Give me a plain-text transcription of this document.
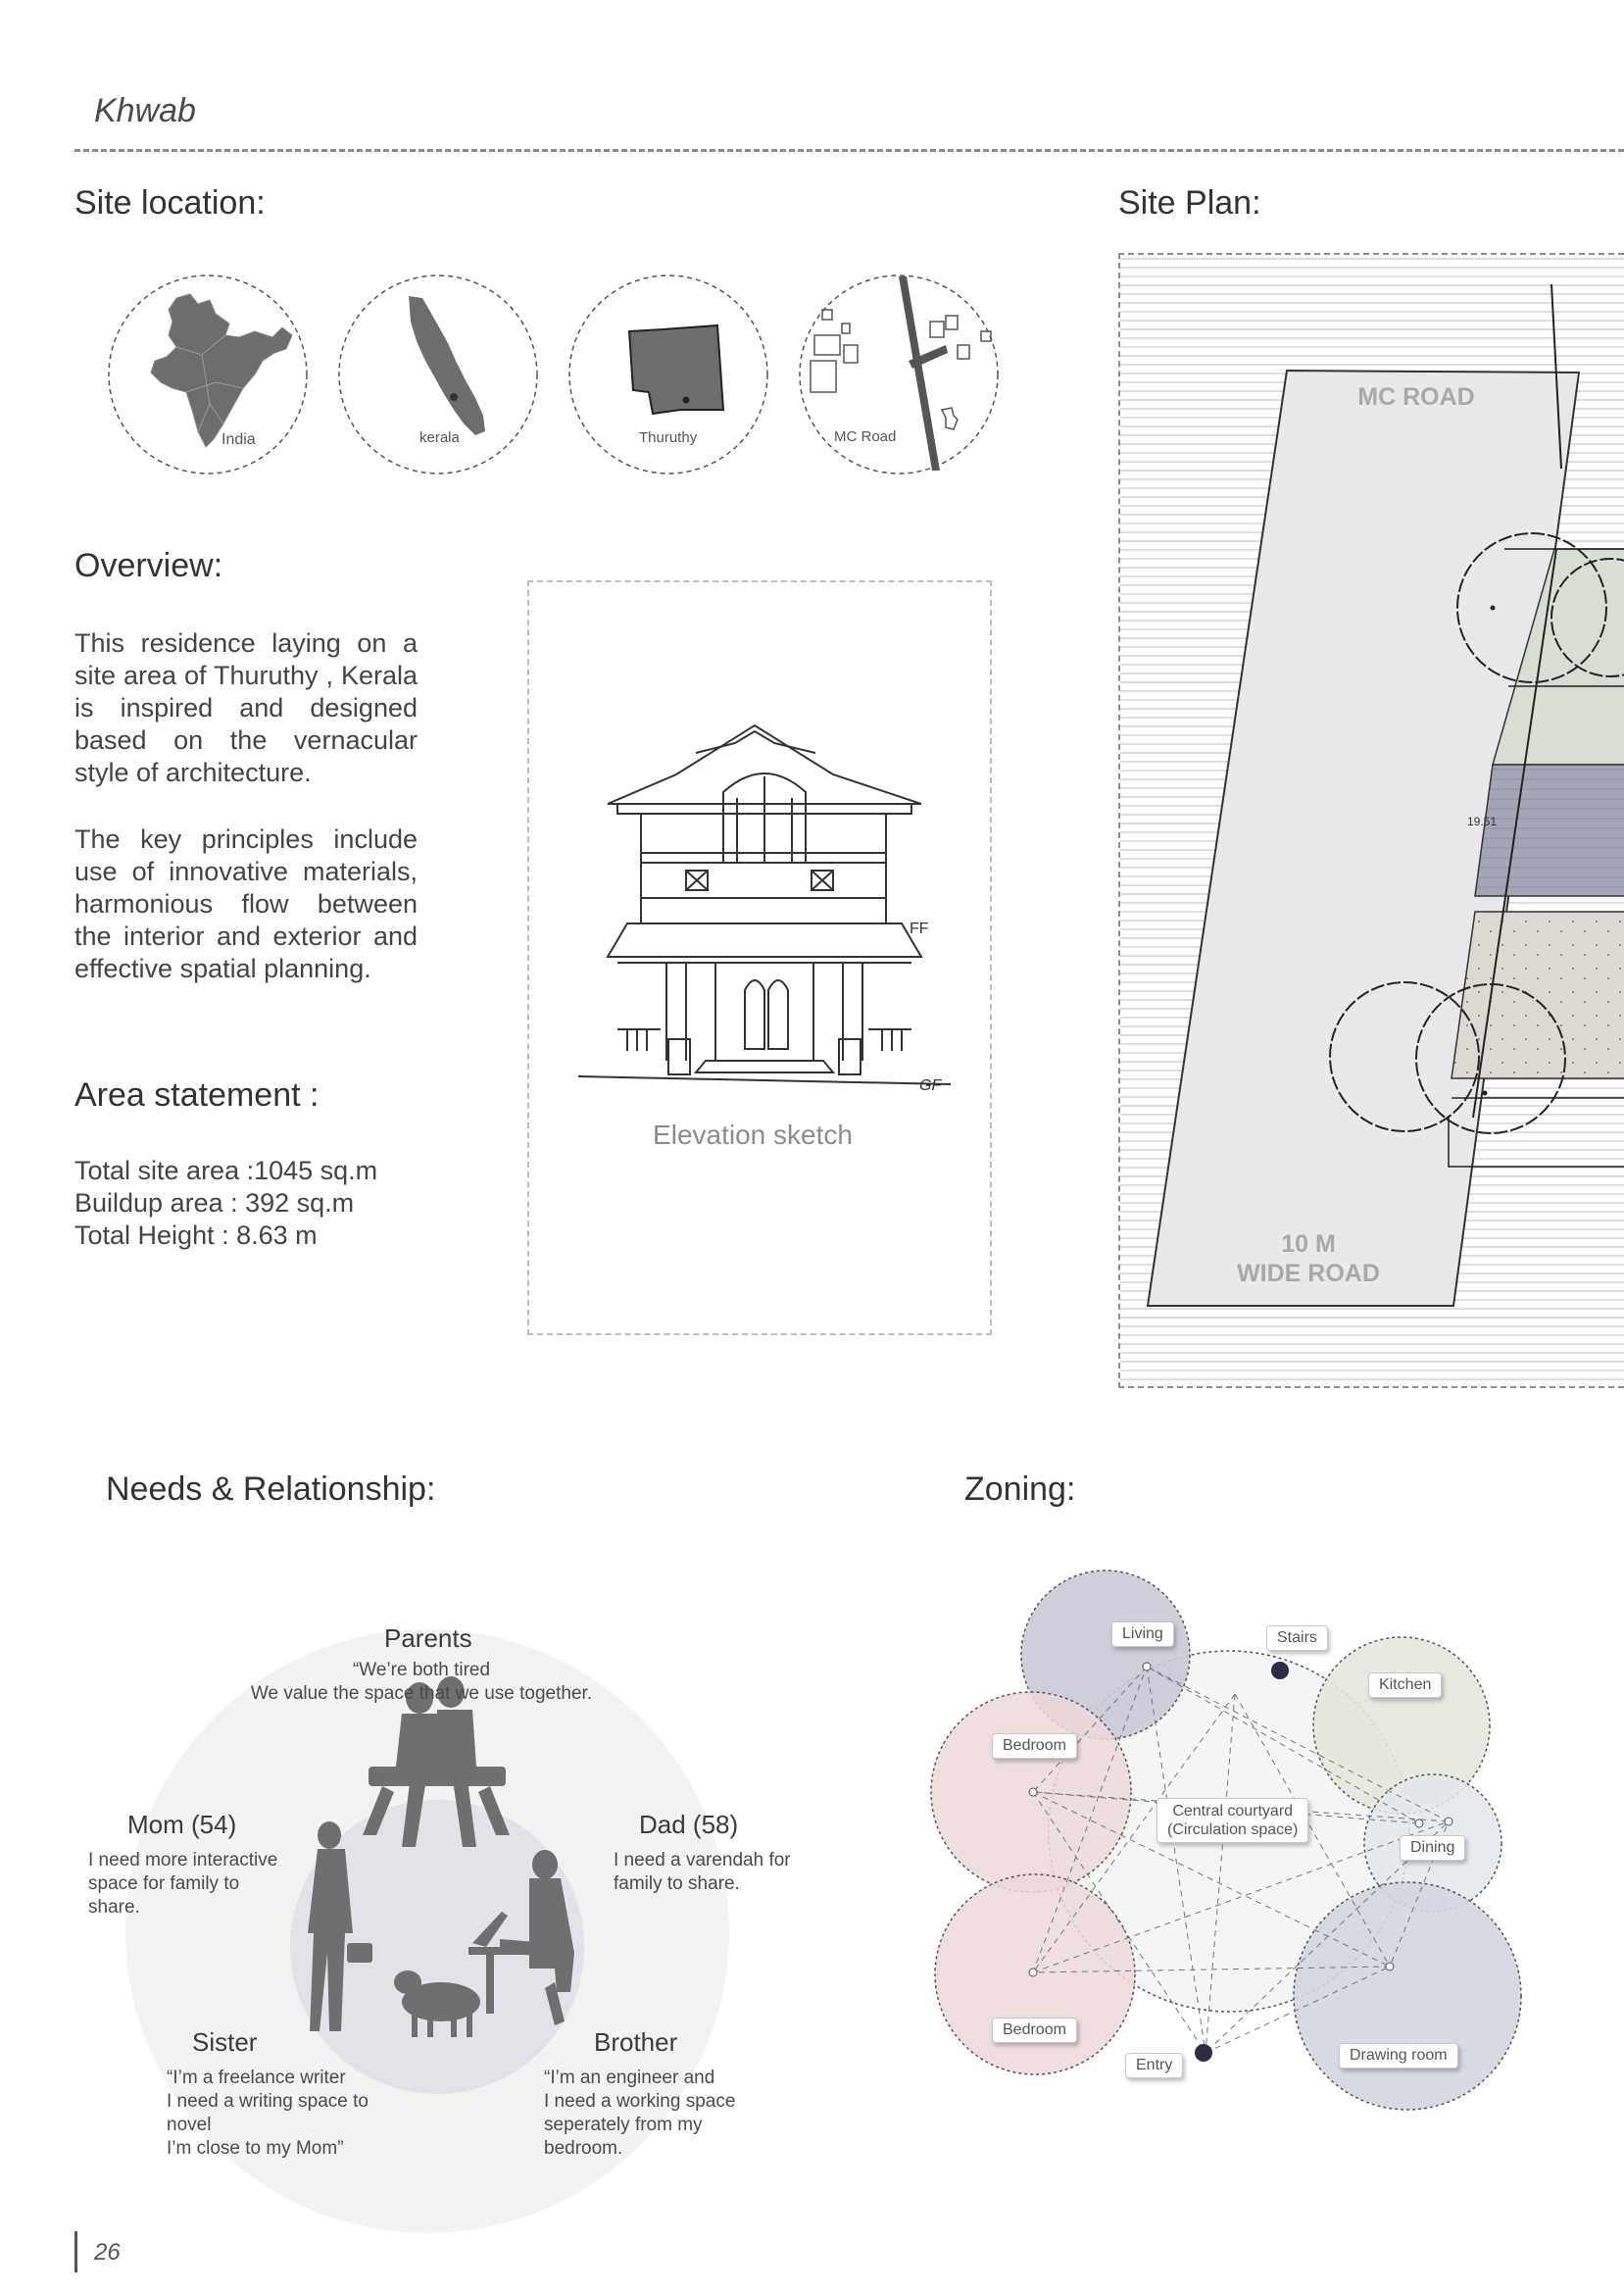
Khwab
Site location:
India	kerala	Thuruthy	MC Road
Overview:
This residence laying on a site area of Thuruthy , Kerala is inspired and designed based on the vernacular style of architecture.
The key principles include use of innovative materials, harmonious flow between the interior and exterior and effective spatial planning.
Area statement :
Total site area :1045 sq.m
Buildup area : 392 sq.m
Total Height : 8.63 m
FF
GF
Elevation sketch
Site Plan:
19.51
MC ROAD
10 M
WIDE ROAD
Needs & Relationship:
Parents
“We’re both tired
We value the space that we use together.
Mom (54)
I need more interactive space for family to share.
Dad (58)
I need a varendah for family to share.
Sister
“I’m a freelance writer
I need a writing space to
novel
I’m close to my Mom”
Brother
“I’m an engineer and
I need a working space
seperately from my
bedroom.
Zoning:
Living	Stairs
Kitchen
Bedroom
Central courtyard
(Circulation space)
Dining
Bedroom
Entry
Drawing room
26
